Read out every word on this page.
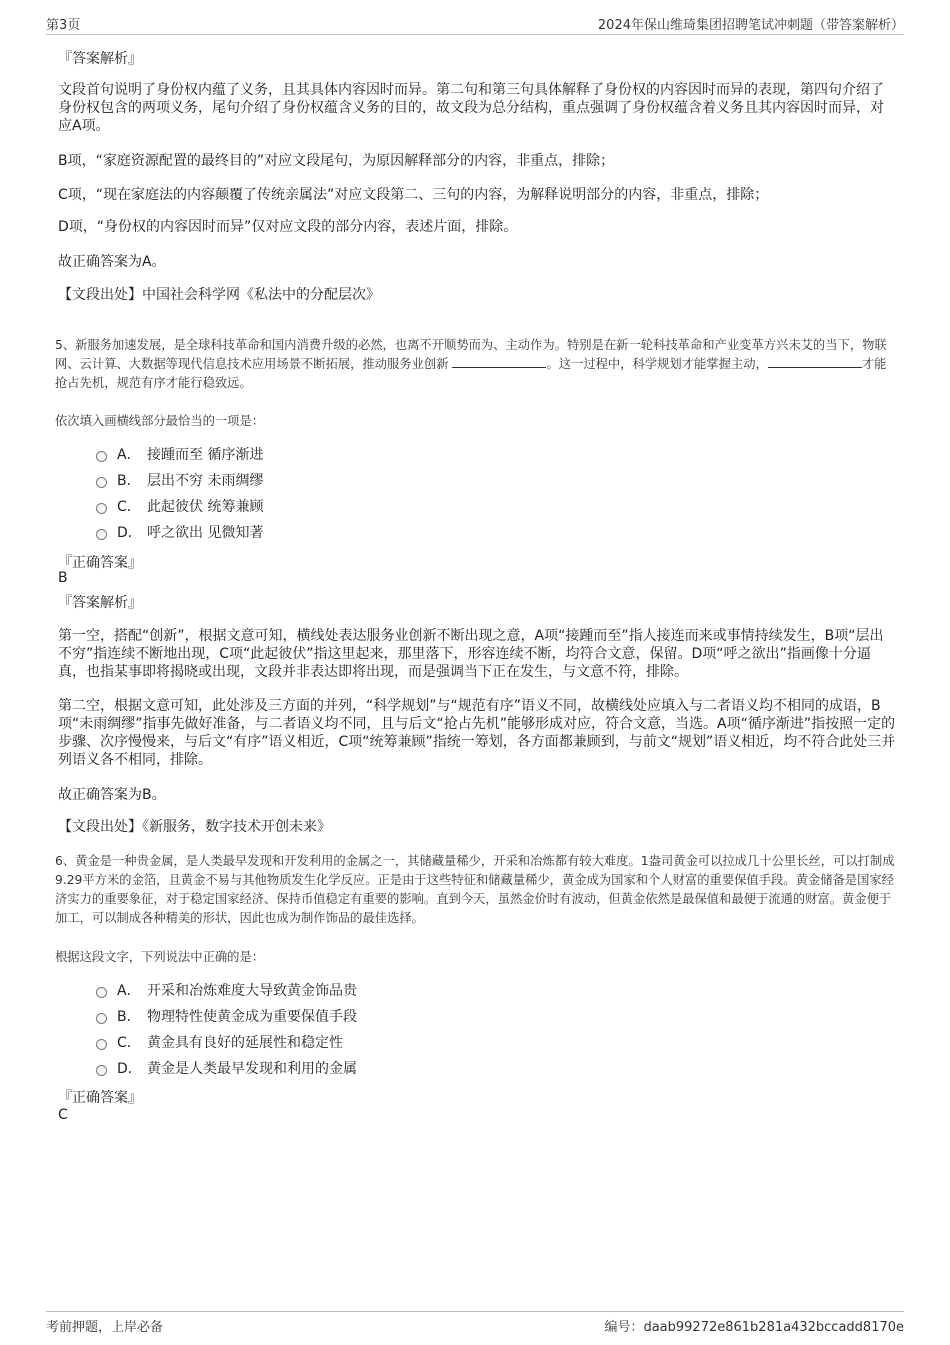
第3页	2024年保山维琦集团招聘笔试冲刺题（带答案解析）
『答案解析』
文段首句说明了身份权内蕴了义务，且其具体内容因时而异。第二句和第三句具体解释了身份权的内容因时而异的表现，第四句介绍了身份权包含的两项义务，尾句介绍了身份权蕴含义务的目的，故文段为总分结构，重点强调了身份权蕴含着义务且其内容因时而异，对应A项。
B项，“家庭资源配置的最终目的”对应文段尾句，为原因解释部分的内容，非重点，排除；
C项，“现在家庭法的内容颠覆了传统亲属法”对应文段第二、三句的内容，为解释说明部分的内容，非重点，排除；
D项，“身份权的内容因时而异”仅对应文段的部分内容，表述片面，排除。
故正确答案为A。
【文段出处】中国社会科学网《私法中的分配层次》
5、新服务加速发展，是全球科技革命和国内消费升级的必然，也离不开顺势而为、主动作为。特别是在新一轮科技革命和产业变革方兴未艾的当下，物联网、云计算、大数据等现代信息技术应用场景不断拓展，推动服务业创新	。这一过程中，科学规划才能掌握主动，	才能抢占先机，规范有序才能行稳致远。
依次填入画横线部分最恰当的一项是：
A． 接踵而至 循序渐进
B． 层出不穷 未雨绸缪
C． 此起彼伏 统筹兼顾
D． 呼之欲出 见微知著
『正确答案』
B
『答案解析』
第一空，搭配“创新”，根据文意可知，横线处表达服务业创新不断出现之意，A项“接踵而至”指人接连而来或事情持续发生，B项“层出不穷”指连续不断地出现，C项“此起彼伏”指这里起来，那里落下，形容连续不断，均符合文意，保留。D项“呼之欲出”指画像十分逼真，也指某事即将揭晓或出现，文段并非表达即将出现，而是强调当下正在发生，与文意不符，排除。
第二空，根据文意可知，此处涉及三方面的并列，“科学规划”与“规范有序”语义不同，故横线处应填入与二者语义均不相同的成语，B项“未雨绸缪”指事先做好准备，与二者语义均不同，且与后文“抢占先机”能够形成对应，符合文意，当选。A项“循序渐进”指按照一定的步骤、次序慢慢来，与后文“有序”语义相近，C项“统筹兼顾”指统一筹划，各方面都兼顾到，与前文“规划”语义相近，均不符合此处三并列语义各不相同，排除。
故正确答案为B。
【文段出处】《新服务，数字技术开创未来》
6、黄金是一种贵金属，是人类最早发现和开发利用的金属之一，其储藏量稀少，开采和冶炼都有较大难度。1盎司黄金可以拉成几十公里长丝，可以打制成9.29平方米的金箔，且黄金不易与其他物质发生化学反应。正是由于这些特征和储藏量稀少，黄金成为国家和个人财富的重要保值手段。黄金储备是国家经济实力的重要象征，对于稳定国家经济、保持币值稳定有重要的影响。直到今天，虽然金价时有波动，但黄金依然是最保值和最便于流通的财富。黄金便于加工，可以制成各种精美的形状，因此也成为制作饰品的最佳选择。
根据这段文字，下列说法中正确的是：
A． 开采和冶炼难度大导致黄金饰品贵
B． 物理特性使黄金成为重要保值手段
C． 黄金具有良好的延展性和稳定性
D． 黄金是人类最早发现和利用的金属
『正确答案』
C
考前押题，上岸必备	编号：daab99272e861b281a432bccadd8170e
